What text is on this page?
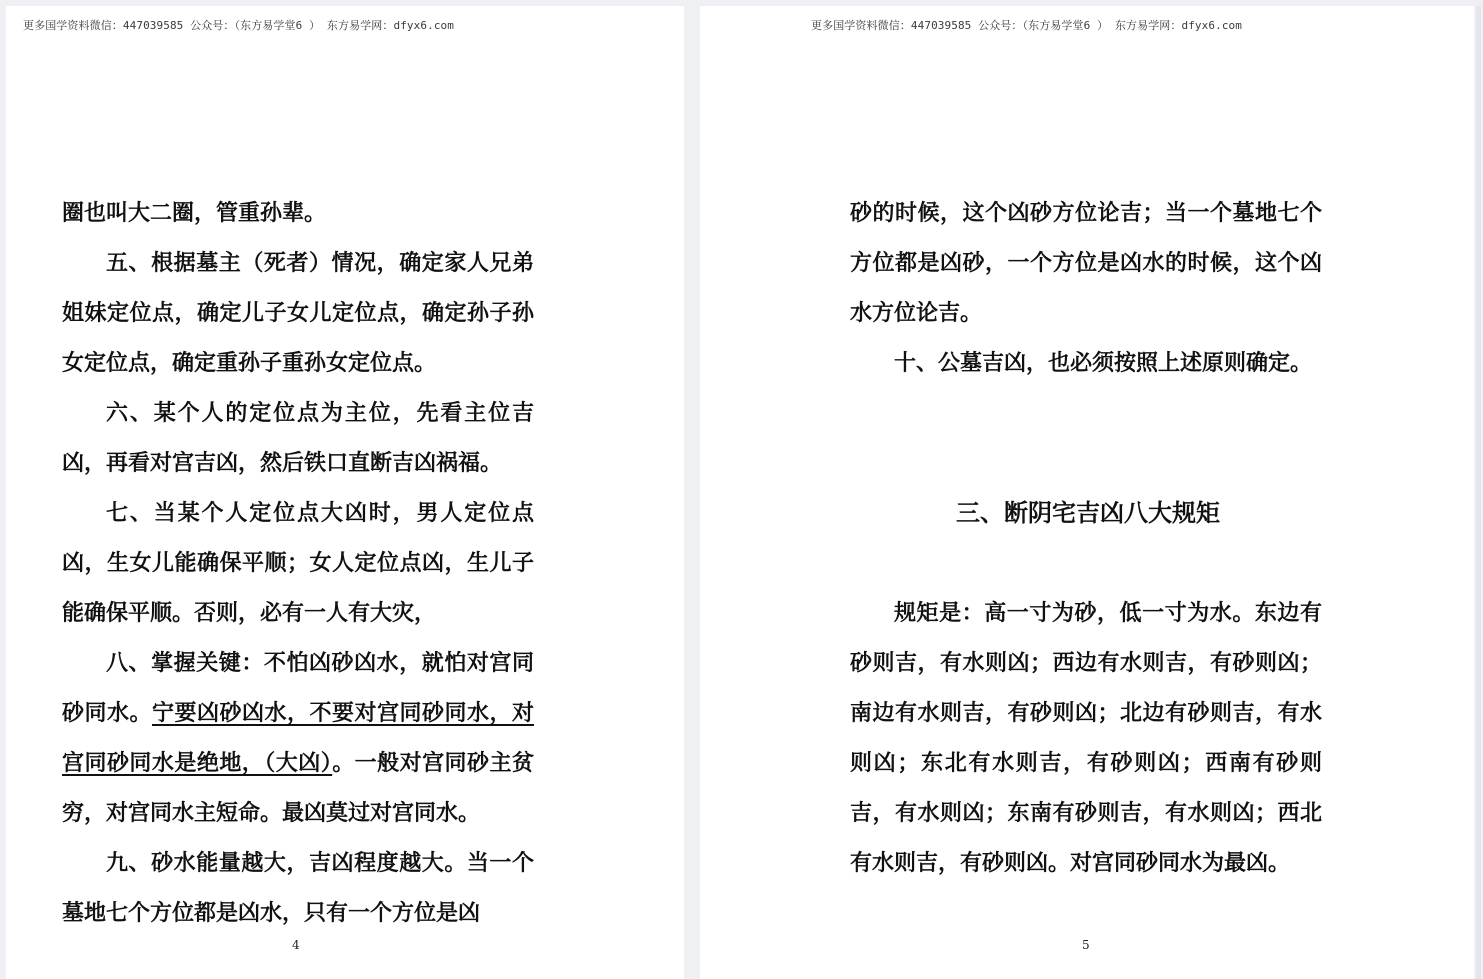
更多国学资料微信：447039585 公众号：（东方易学堂6 ） 东方易学网：dfyx6.com

圈也叫大二圈，管重孙辈。

五、根据墓主（死者）情况，确定家人兄弟姐妹定位点，确定儿子女儿定位点，确定孙子孙女定位点，确定重孙子重孙女定位点。

六、某个人的定位点为主位，先看主位吉凶，再看对宫吉凶，然后铁口直断吉凶祸福。

七、当某个人定位点大凶时，男人定位点凶，生女儿能确保平顺；女人定位点凶，生儿子能确保平顺。否则，必有一人有大灾，

八、掌握关键：不怕凶砂凶水，就怕对宫同砂同水。宁要凶砂凶水，不要对宫同砂同水，对宫同砂同水是绝地，（大凶）。一般对宫同砂主贫穷，对宫同水主短命。最凶莫过对宫同水。

九、砂水能量越大，吉凶程度越大。当一个墓地七个方位都是凶水，只有一个方位是凶

4
更多国学资料微信：447039585 公众号：（东方易学堂6 ） 东方易学网：dfyx6.com

砂的时候，这个凶砂方位论吉；当一个墓地七个方位都是凶砂，一个方位是凶水的时候，这个凶水方位论吉。

十、公墓吉凶，也必须按照上述原则确定。

三、断阴宅吉凶八大规矩

规矩是：高一寸为砂，低一寸为水。东边有砂则吉，有水则凶；西边有水则吉，有砂则凶；南边有水则吉，有砂则凶；北边有砂则吉，有水则凶；东北有水则吉，有砂则凶；西南有砂则吉，有水则凶；东南有砂则吉，有水则凶；西北有水则吉，有砂则凶。对宫同砂同水为最凶。

5
